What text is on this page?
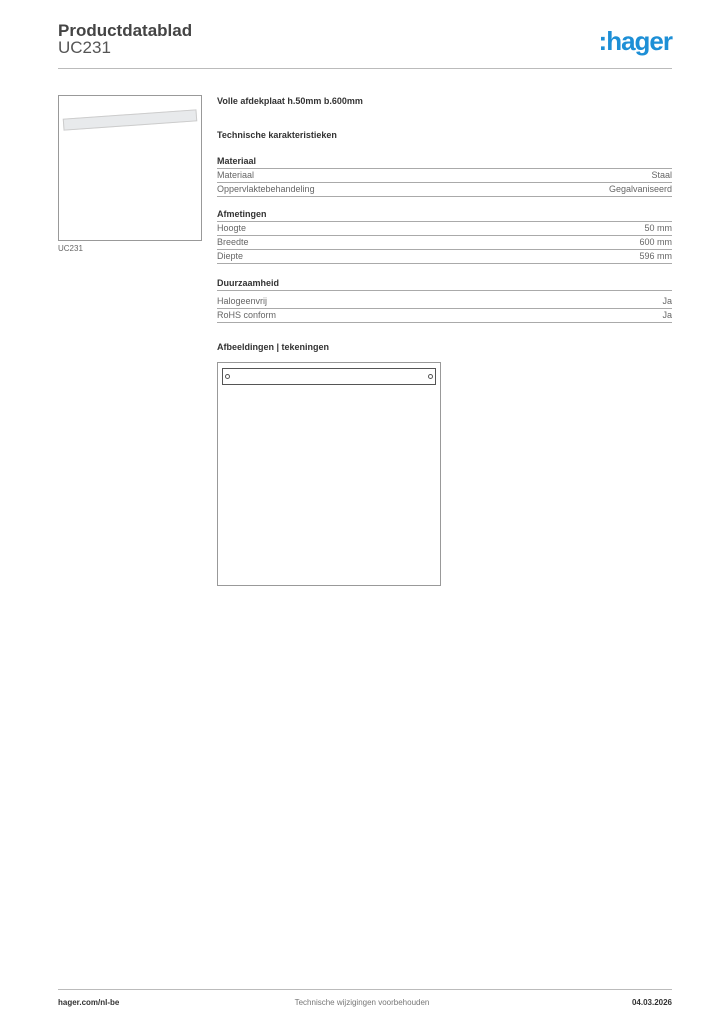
Productdatablad
UC231	:hager
UC231
Volle afdekplaat h.50mm b.600mm
Technische karakteristieken
Materiaal
Materiaal	Staal
Oppervlaktebehandeling	Gegalvaniseerd
Afmetingen
Hoogte	50 mm
Breedte	600 mm
Diepte	596 mm
Duurzaamheid
Halogeenvrij	Ja
RoHS conform	Ja
Afbeeldingen | tekeningen
hager.com/nl-be	Technische wijzigingen voorbehouden	04.03.2026
